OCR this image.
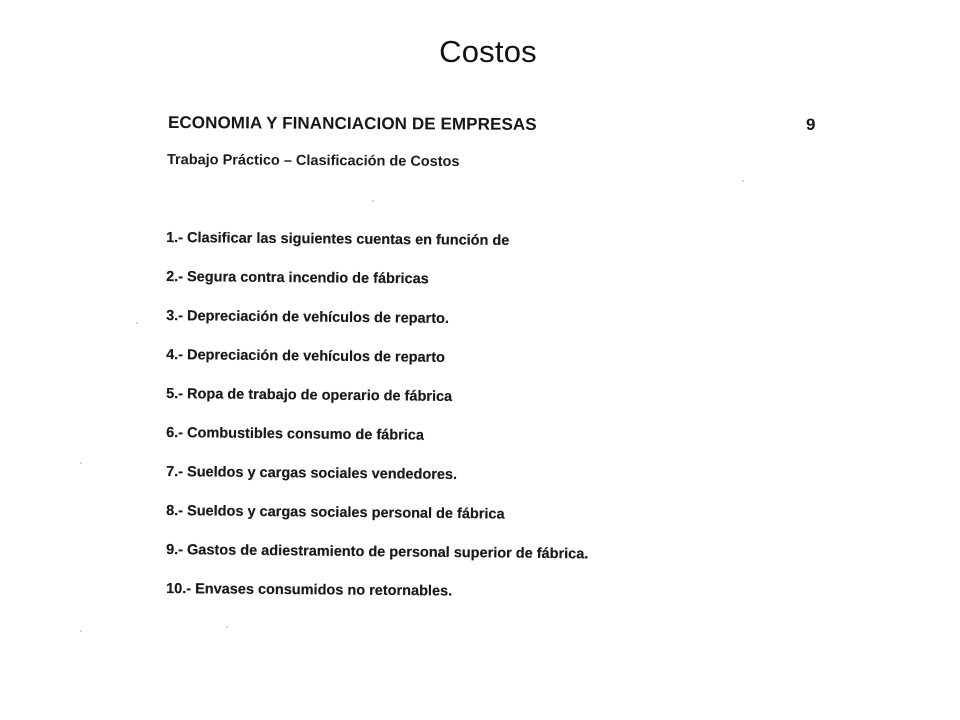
Costos
ECONOMIA Y FINANCIACION DE EMPRESAS	9
Trabajo Práctico – Clasificación de Costos
1.- Clasificar las siguientes cuentas en función de
2.- Segura contra incendio de fábricas
3.- Depreciación de vehículos de reparto.
4.- Depreciación de vehículos de reparto
5.- Ropa de trabajo de operario de fábrica
6.- Combustibles consumo de fábrica
7.- Sueldos y cargas sociales vendedores.
8.- Sueldos y cargas sociales personal de fábrica
9.- Gastos de adiestramiento de personal superior de fábrica.
10.- Envases consumidos no retornables.
